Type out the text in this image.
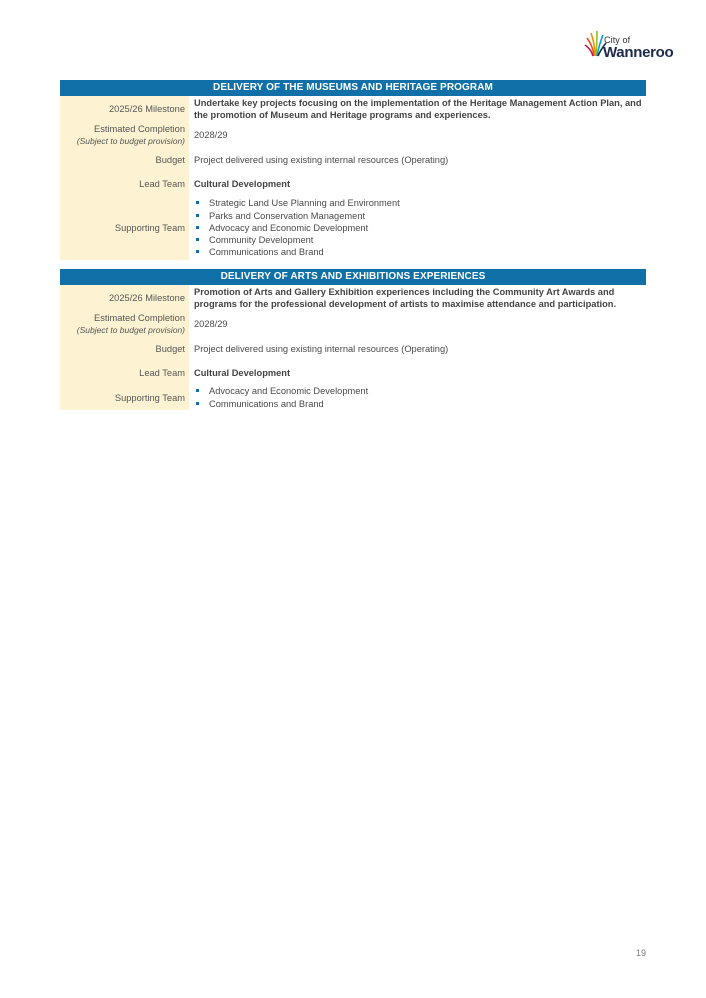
City of
Wanneroo
DELIVERY OF THE MUSEUMS AND HERITAGE PROGRAM
2025/26 Milestone
Undertake key projects focusing on the implementation of the Heritage Management Action Plan, and the promotion of Museum and Heritage programs and experiences.
Estimated Completion
(Subject to budget provision)
2028/29
Budget Project delivered using existing internal resources (Operating)
Lead Team Cultural Development
Supporting Team
Strategic Land Use Planning and Environment
Parks and Conservation Management
Advocacy and Economic Development
Community Development
Communications and Brand
DELIVERY OF ARTS AND EXHIBITIONS EXPERIENCES
2025/26 Milestone
Promotion of Arts and Gallery Exhibition experiences including the Community Art Awards and programs for the professional development of artists to maximise attendance and participation.
Estimated Completion
(Subject to budget provision)
2028/29
Budget Project delivered using existing internal resources (Operating)
Lead Team Cultural Development
Supporting Team
Advocacy and Economic Development
Communications and Brand
19
